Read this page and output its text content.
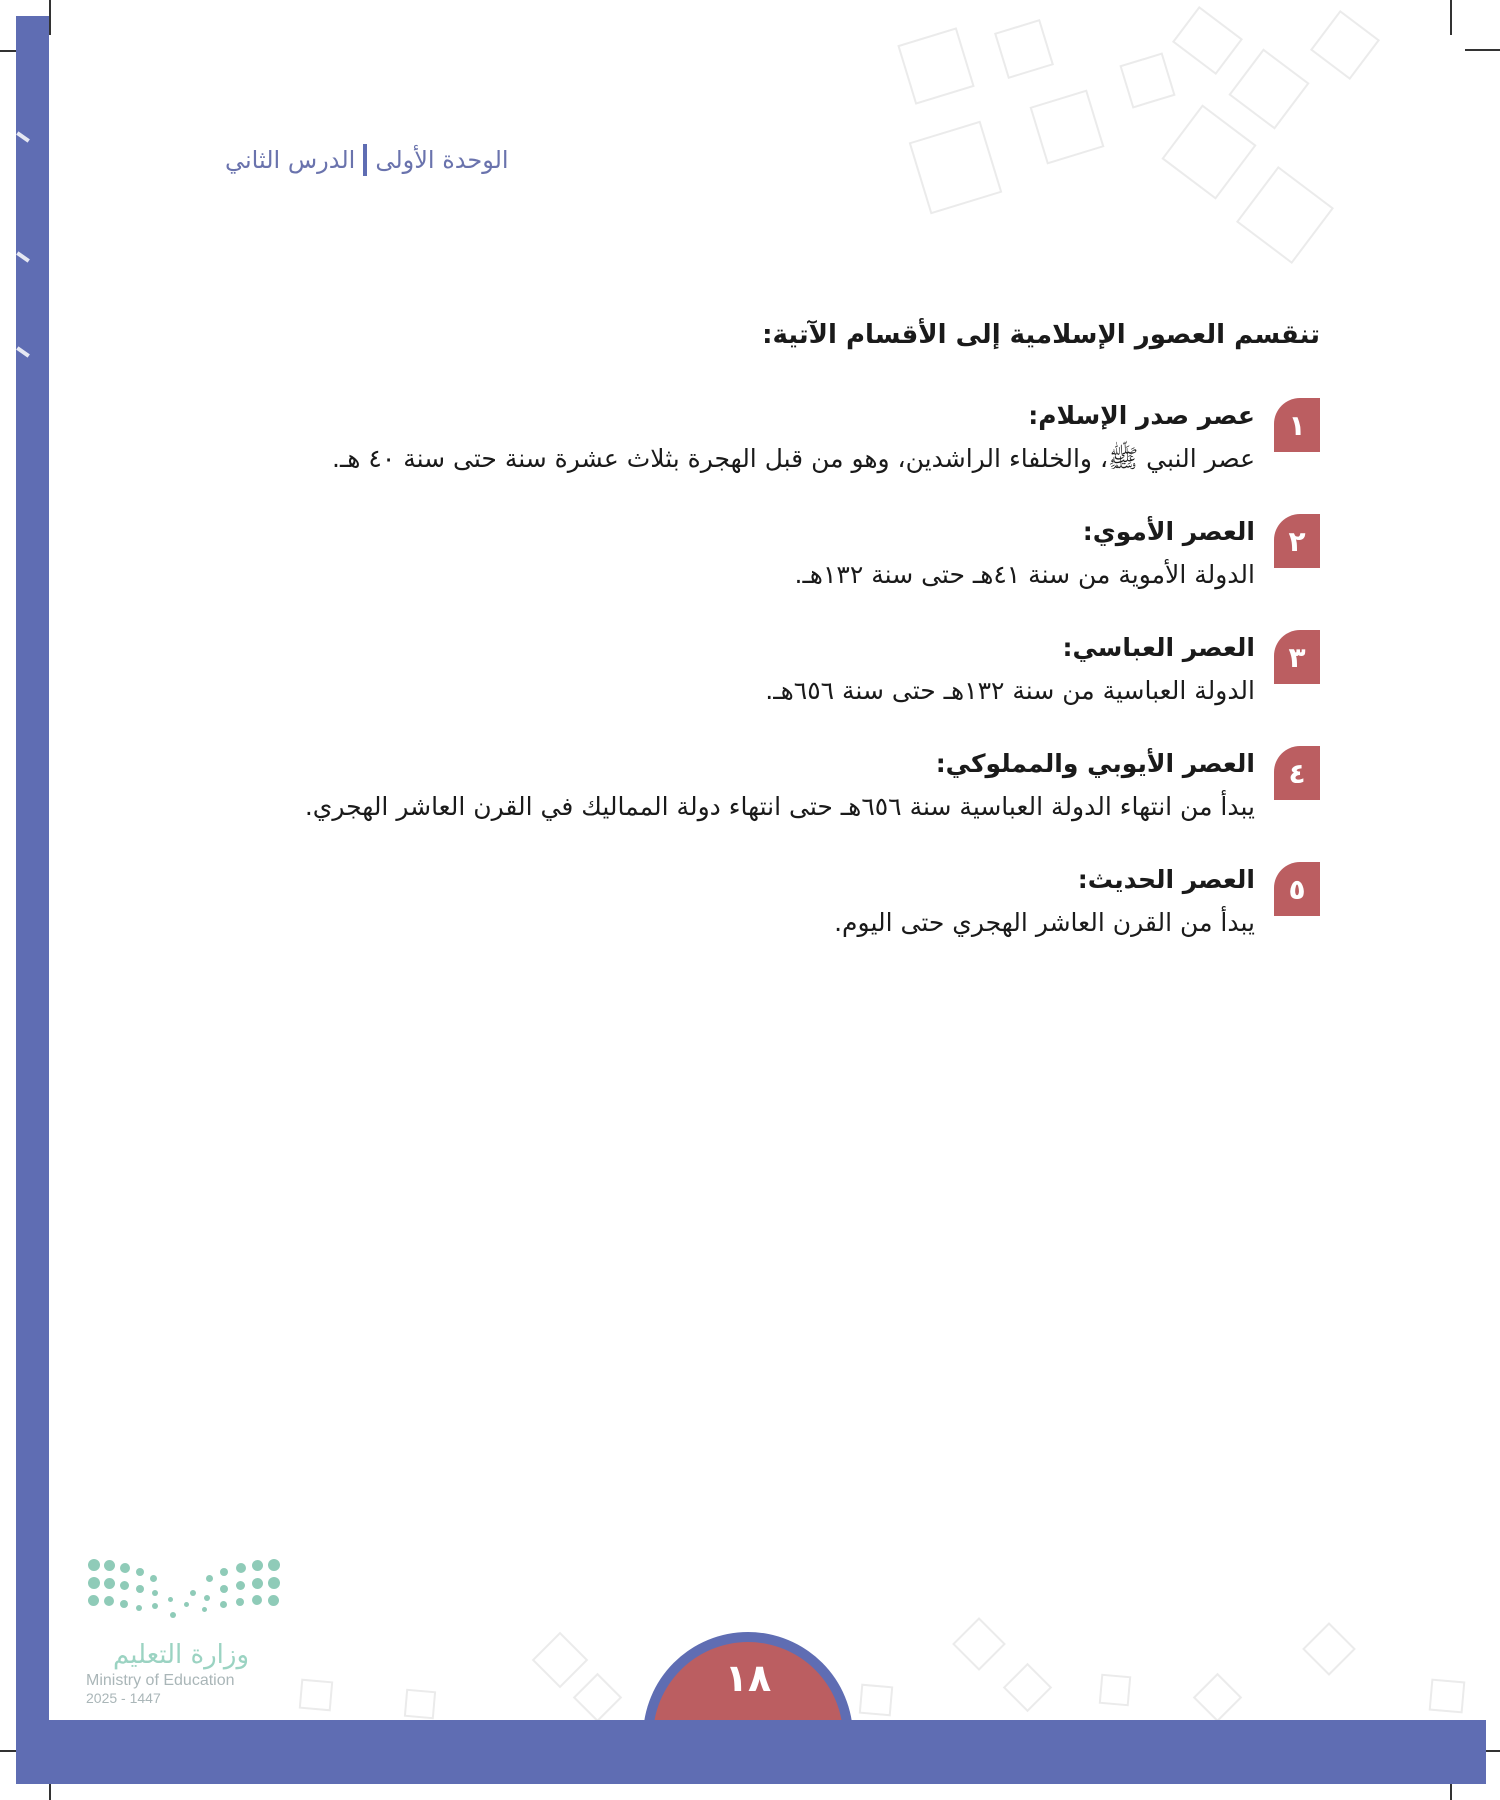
الوحدة الأولى
الدرس الثاني
تنقسم العصور الإسلامية إلى الأقسام الآتية:
١
عصر صدر الإسلام:
عصر النبي ﷺ، والخلفاء الراشدين، وهو من قبل الهجرة بثلاث عشرة سنة حتى سنة ٤٠ هـ.
٢
العصر الأموي:
الدولة الأموية من سنة ٤١هـ حتى سنة ١٣٢هـ.
٣
العصر العباسي:
الدولة العباسية من سنة ١٣٢هـ حتى سنة ٦٥٦هـ.
٤
العصر الأيوبي والمملوكي:
يبدأ من انتهاء الدولة العباسية سنة ٦٥٦هـ حتى انتهاء دولة المماليك في القرن العاشر الهجري.
٥
العصر الحديث:
يبدأ من القرن العاشر الهجري حتى اليوم.
وزارة التعليم
Ministry of Education
2025 - 1447	١٨
